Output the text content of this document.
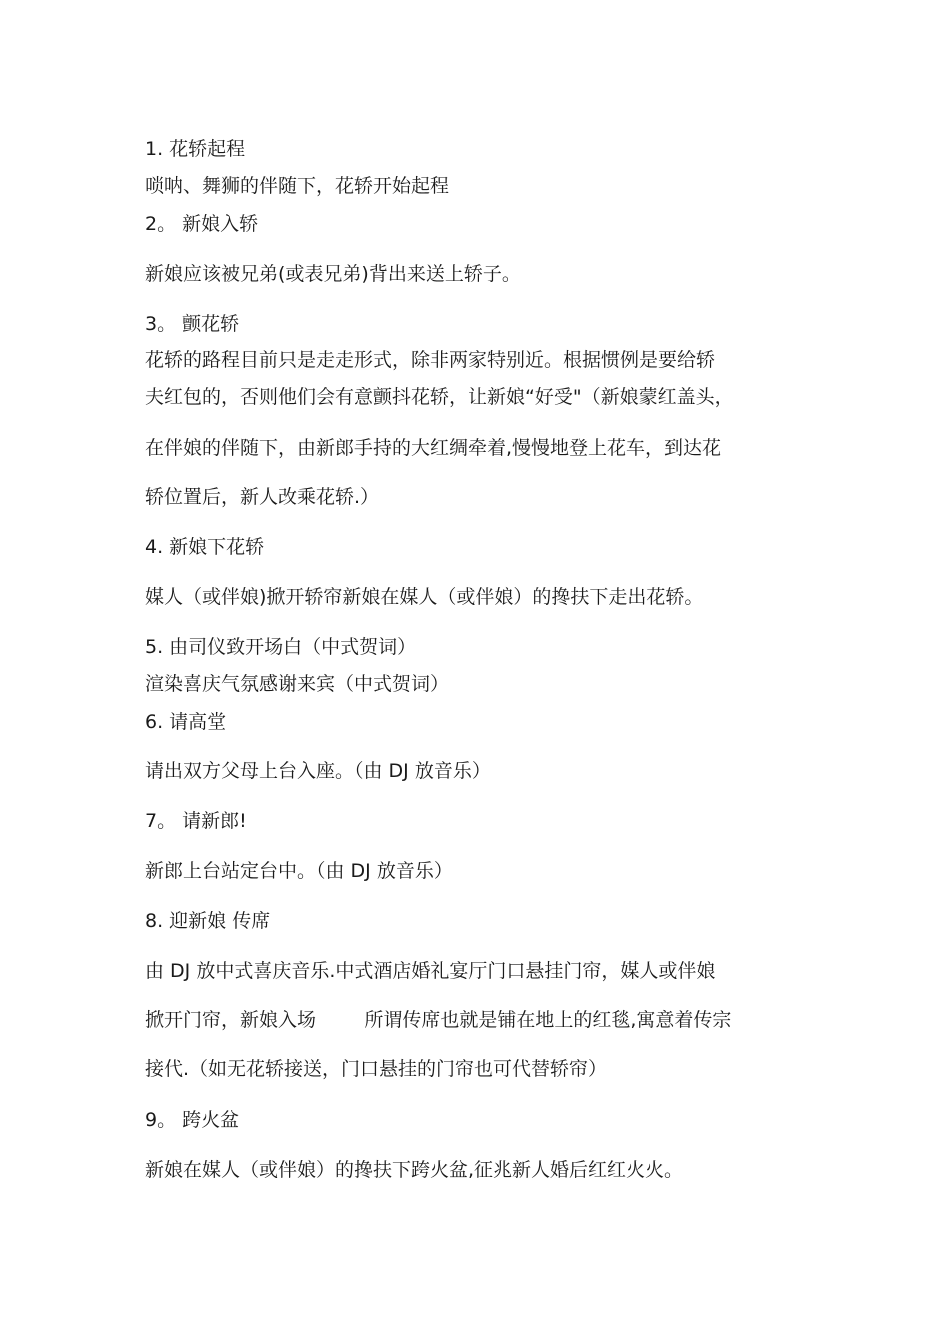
1. 花轿起程
唢呐、舞狮的伴随下，花轿开始起程
2。 新娘入轿
新娘应该被兄弟(或表兄弟)背出来送上轿子。
3。 颤花轿
花轿的路程目前只是走走形式，除非两家特别近。根据惯例是要给轿
夫红包的，否则他们会有意颤抖花轿，让新娘“好受"（新娘蒙红盖头，
在伴娘的伴随下，由新郎手持的大红绸牵着,慢慢地登上花车，到达花
轿位置后，新人改乘花轿.）
4. 新娘下花轿
媒人（或伴娘)掀开轿帘新娘在媒人（或伴娘）的搀扶下走出花轿。
5. 由司仪致开场白（中式贺词）
渲染喜庆气氛感谢来宾（中式贺词）
6. 请高堂
请出双方父母上台入座。（由 DJ 放音乐）
7。 请新郎!
新郎上台站定台中。（由 DJ 放音乐）
8. 迎新娘 传席
由 DJ 放中式喜庆音乐.中式酒店婚礼宴厅门口悬挂门帘，媒人或伴娘
掀开门帘，新娘入场        所谓传席也就是铺在地上的红毯,寓意着传宗
接代.（如无花轿接送，门口悬挂的门帘也可代替轿帘）
9。 跨火盆
新娘在媒人（或伴娘）的搀扶下跨火盆,征兆新人婚后红红火火。
